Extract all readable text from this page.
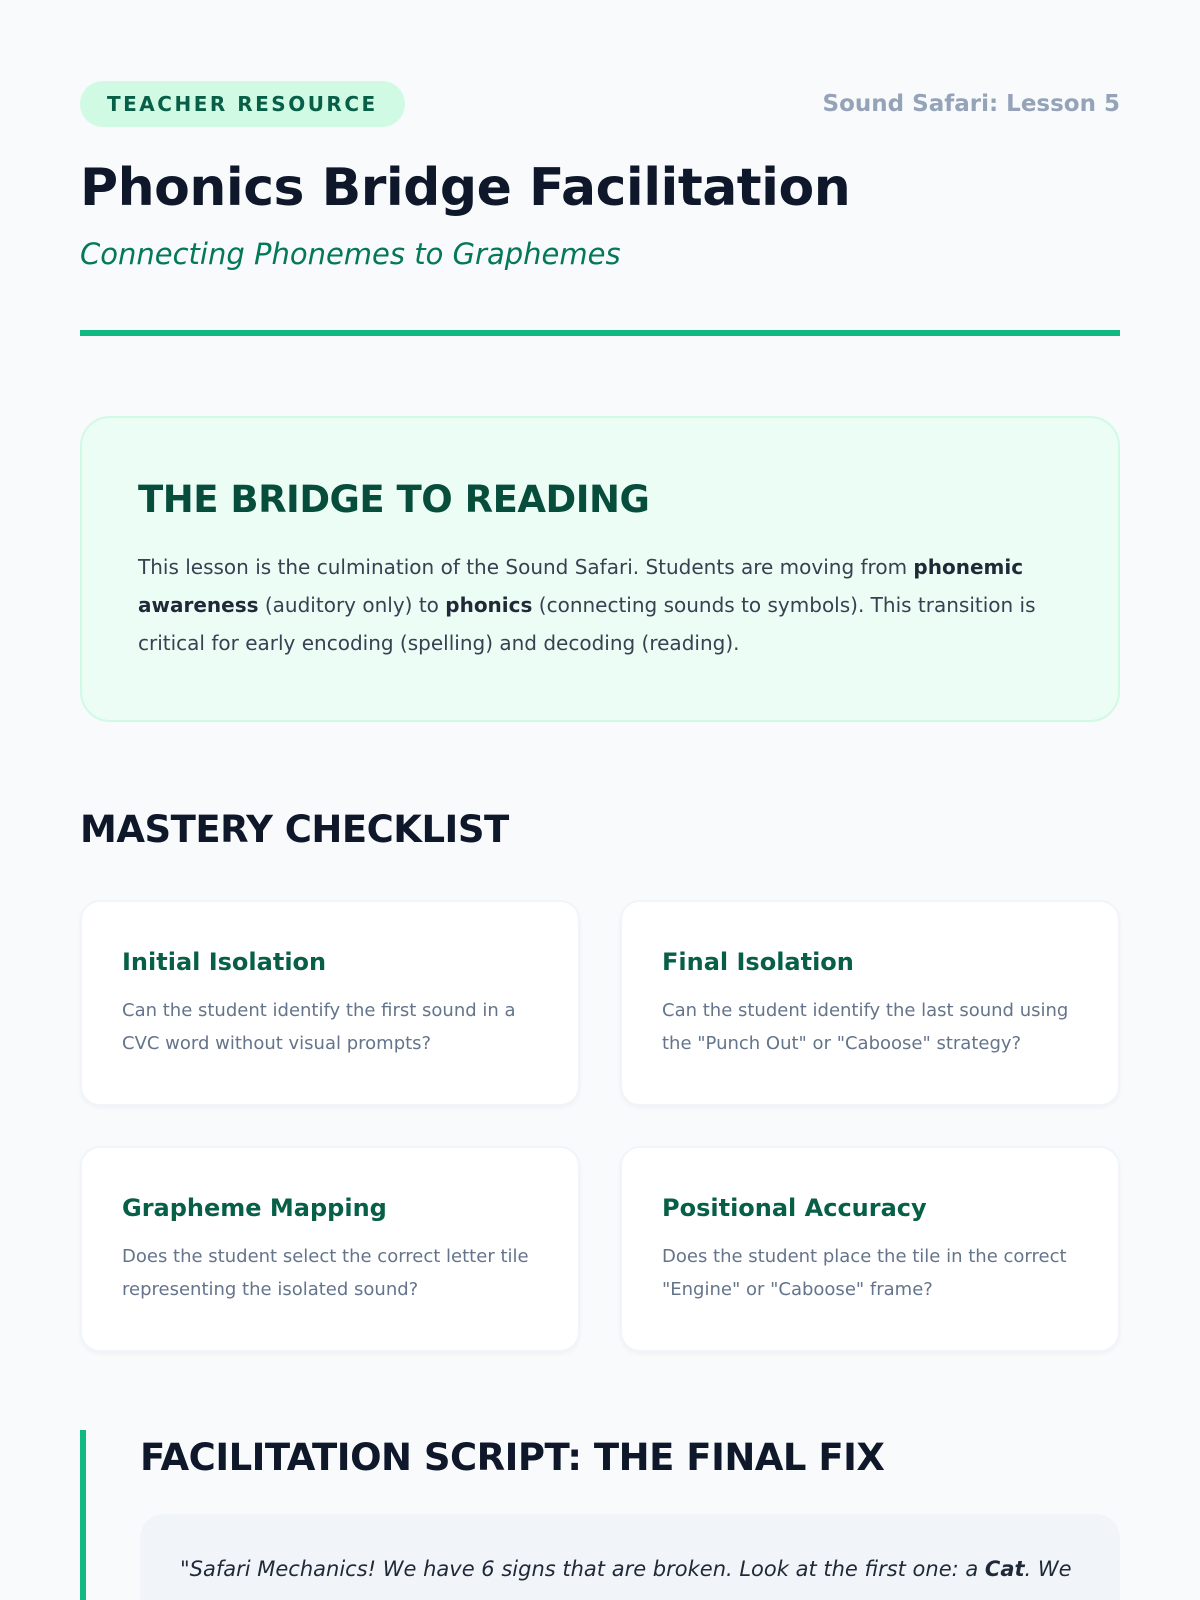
TEACHER RESOURCE	Sound Safari: Lesson 5
Phonics Bridge Facilitation
Connecting Phonemes to Graphemes
THE BRIDGE TO READING

This lesson is the culmination of the Sound Safari. Students are moving from phonemic awareness (auditory only) to phonics (connecting sounds to symbols). This transition is critical for early encoding (spelling) and decoding (reading).

MASTERY CHECKLIST
Initial Isolation
Can the student identify the first sound in a CVC word without visual prompts?
Final Isolation
Can the student identify the last sound using the "Punch Out" or "Caboose" strategy?
Grapheme Mapping
Does the student select the correct letter tile representing the isolated sound?
Positional Accuracy
Does the student place the tile in the correct "Engine" or "Caboose" frame?
FACILITATION SCRIPT: THE FINAL FIX

"Safari Mechanics! We have 6 signs that are broken. Look at the first one: a Cat. We
